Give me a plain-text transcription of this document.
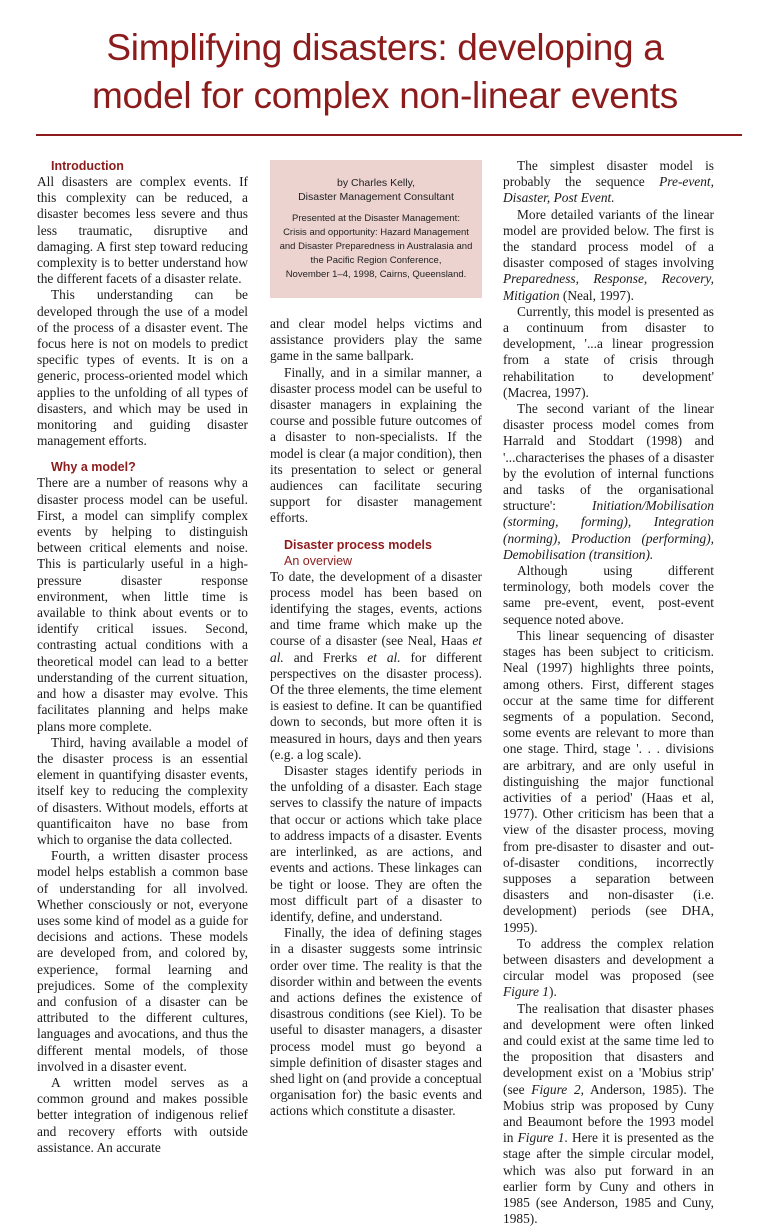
Simplifying disasters: developing a
model for complex non-linear events

Introduction

All disasters are complex events. If this complexity can be reduced, a disaster becomes less severe and thus less traumatic, disruptive and damaging. A first step toward reducing complexity is to better understand how the different facets of a disaster relate.

This understanding can be developed through the use of a model of the process of a disaster event. The focus here is not on models to predict specific types of events. It is on a generic, process-oriented model which applies to the unfolding of all types of disasters, and which may be used in monitoring and guiding disaster management efforts.

Why a model?

There are a number of reasons why a disaster process model can be useful. First, a model can simplify complex events by helping to distinguish between critical elements and noise. This is particularly useful in a high-pressure disaster response environment, when little time is available to think about events or to identify critical issues. Second, contrasting actual conditions with a theoretical model can lead to a better understanding of the current situation, and how a disaster may evolve. This facilitates planning and helps make plans more complete.

Third, having available a model of the disaster process is an essential element in quantifying disaster events, itself key to reducing the complexity of disasters. Without models, efforts at quantificaiton have no base from which to organise the data collected.

Fourth, a written disaster process model helps establish a common base of understanding for all involved. Whether consciously or not, everyone uses some kind of model as a guide for decisions and actions. These models are developed from, and colored by, experience, formal learning and prejudices. Some of the complexity and confusion of a disaster can be attributed to the different cultures, languages and avocations, and thus the different mental models, of those involved in a disaster event.

A written model serves as a common ground and makes possible better integration of indigenous relief and recovery efforts with outside assistance. An accurate

by Charles Kelly,
Disaster Management Consultant
Presented at the Disaster Management:
Crisis and opportunity: Hazard Management
and Disaster Preparedness in Australasia and
the Pacific Region Conference,
November 1–4, 1998, Cairns, Queensland.

and clear model helps victims and assistance providers play the same game in the same ballpark.

Finally, and in a similar manner, a disaster process model can be useful to disaster managers in explaining the course and possible future outcomes of a disaster to non-specialists. If the model is clear (a major condition), then its presentation to select or general audiences can facilitate securing support for disaster management efforts.

Disaster process models

An overview

To date, the development of a disaster process model has been based on identifying the stages, events, actions and time frame which make up the course of a disaster (see Neal, Haas et al. and Frerks et al. for different perspectives on the disaster process). Of the three elements, the time element is easiest to define. It can be quantified down to seconds, but more often it is measured in hours, days and then years (e.g. a log scale).

Disaster stages identify periods in the unfolding of a disaster. Each stage serves to classify the nature of impacts that occur or actions which take place to address impacts of a disaster. Events are interlinked, as are actions, and events and actions. These linkages can be tight or loose. They are often the most difficult part of a disaster to identify, define, and understand.

Finally, the idea of defining stages in a disaster suggests some intrinsic order over time. The reality is that the disorder within and between the events and actions defines the existence of disastrous conditions (see Kiel). To be useful to disaster managers, a disaster process model must go beyond a simple definition of disaster stages and shed light on (and provide a conceptual organisation for) the basic events and actions which constitute a disaster.

The simplest disaster model is probably the sequence Pre-event, Disaster, Post Event.

More detailed variants of the linear model are provided below. The first is the standard process model of a disaster composed of stages involving Preparedness, Response, Recovery, Mitigation (Neal, 1997).

Currently, this model is presented as a continuum from disaster to development, '...a linear progression from a state of crisis through rehabilitation to development' (Macrea, 1997).

The second variant of the linear disaster process model comes from Harrald and Stoddart (1998) and '...characterises the phases of a disaster by the evolution of internal functions and tasks of the organisational structure': Initiation/Mobilisation (storming, forming), Integration (norming), Production (performing), Demobilisation (transition).

Although using different terminology, both models cover the same pre-event, event, post-event sequence noted above.

This linear sequencing of disaster stages has been subject to criticism. Neal (1997) highlights three points, among others. First, different stages occur at the same time for different segments of a population. Second, some events are relevant to more than one stage. Third, stage '. . . divisions are arbitrary, and are only useful in distinguishing the major functional activities of a period' (Haas et al, 1977). Other criticism has been that a view of the disaster process, moving from pre-disaster to disaster and out-of-disaster conditions, incorrectly supposes a separation between disasters and non-disaster (i.e. development) periods (see DHA, 1995).

To address the complex relation between disasters and development a circular model was proposed (see Figure 1).

The realisation that disaster phases and development were often linked and could exist at the same time led to the proposition that disasters and development exist on a 'Mobius strip' (see Figure 2, Anderson, 1985). The Mobius strip was proposed by Cuny and Beaumont before the 1993 model in Figure 1. Here it is presented as the stage after the simple circular model, which was also put forward in an earlier form by Cuny and others in 1985 (see Anderson, 1985 and Cuny, 1985).
